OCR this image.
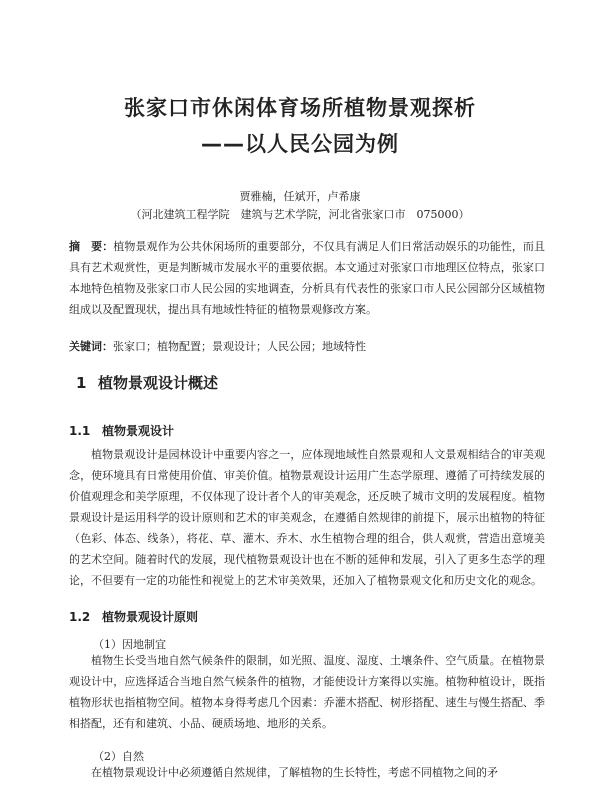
张家口市休闲体育场所植物景观探析
——以人民公园为例
贾雅楠，任斌开，卢希康
（河北建筑工程学院　建筑与艺术学院，河北省张家口市　075000）
摘　要：植物景观作为公共休闲场所的重要部分，不仅具有满足人们日常活动娱乐的功能性，而且具有艺术观赏性，更是判断城市发展水平的重要依据。本文通过对张家口市地理区位特点，张家口本地特色植物及张家口市人民公园的实地调查，分析具有代表性的张家口市人民公园部分区域植物组成以及配置现状，提出具有地域性特征的植物景观修改方案。
关键词：张家口；植物配置；景观设计；人民公园；地域特性
1 植物景观设计概述
1.1 植物景观设计
植物景观设计是园林设计中重要内容之一，应体现地域性自然景观和人文景观相结合的审美观念，使环境具有日常使用价值、审美价值。植物景观设计运用广生态学原理、遵循了可持续发展的价值观理念和美学原理，不仅体现了设计者个人的审美观念，还反映了城市文明的发展程度。植物景观设计是运用科学的设计原则和艺术的审美观念，在遵循自然规律的前提下，展示出植物的特征（色彩、体态、线条），将花、草、灌木、乔木、水生植物合理的组合，供人观赏，营造出意境美的艺术空间。随着时代的发展，现代植物景观设计也在不断的延伸和发展，引入了更多生态学的理论，不但要有一定的功能性和视觉上的艺术审美效果，还加入了植物景观文化和历史文化的观念。
1.2 植物景观设计原则
（1）因地制宜
植物生长受当地自然气候条件的限制，如光照、温度、湿度、土壤条件、空气质量。在植物景观设计中，应选择适合当地自然气候条件的植物，才能使设计方案得以实施。植物种植设计，既指植物形状也指植物空间。植物本身得考虑几个因素：乔灌木搭配、树形搭配、速生与慢生搭配、季相搭配，还有和建筑、小品、硬质场地、地形的关系。
（2）自然
在植物景观设计中必须遵循自然规律，了解植物的生长特性，考虑不同植物之间的矛
